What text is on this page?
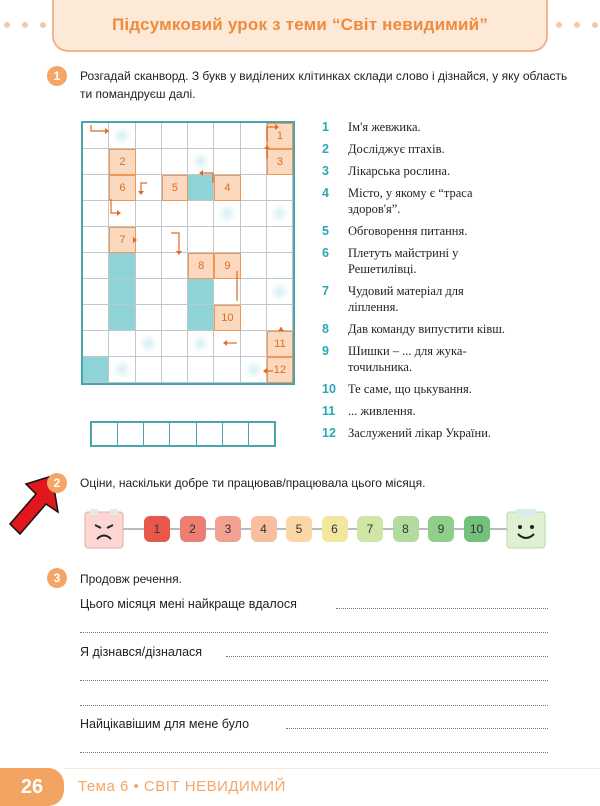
Підсумковий урок з теми “Світ невидимий”
1	Розгадай сканворд. З букв у виділених клітинках склади слово і дізнайся, у яку область ти помандруєш далі.
1
2	3
6	5	4
7
8	9
10
11
12
1	Ім'я жевжика.
2	Досліджує птахів.
3	Лікарська рослина.
4	Місто, у якому є “траса здоров'я”.
5	Обговорення питання.
6	Плетуть майстрині у Решетилівці.
7	Чудовий матеріал для ліплення.
8	Дав команду випустити ківш.
9	Шишки – ... для жука-точильника.
10 Те саме, що цькування.
11	... живлення.
12 Заслужений лікар України.
2	Оціни, наскільки добре ти працював/працювала цього місяця.
1	2	3	4	5	6	7	8	9	10
3	Продовж речення.
Цього місяця мені найкраще вдалося
Я дізнався/дізналася
Найцікавішим для мене було
26	Тема 6 • СВІТ НЕВИДИМИЙ
